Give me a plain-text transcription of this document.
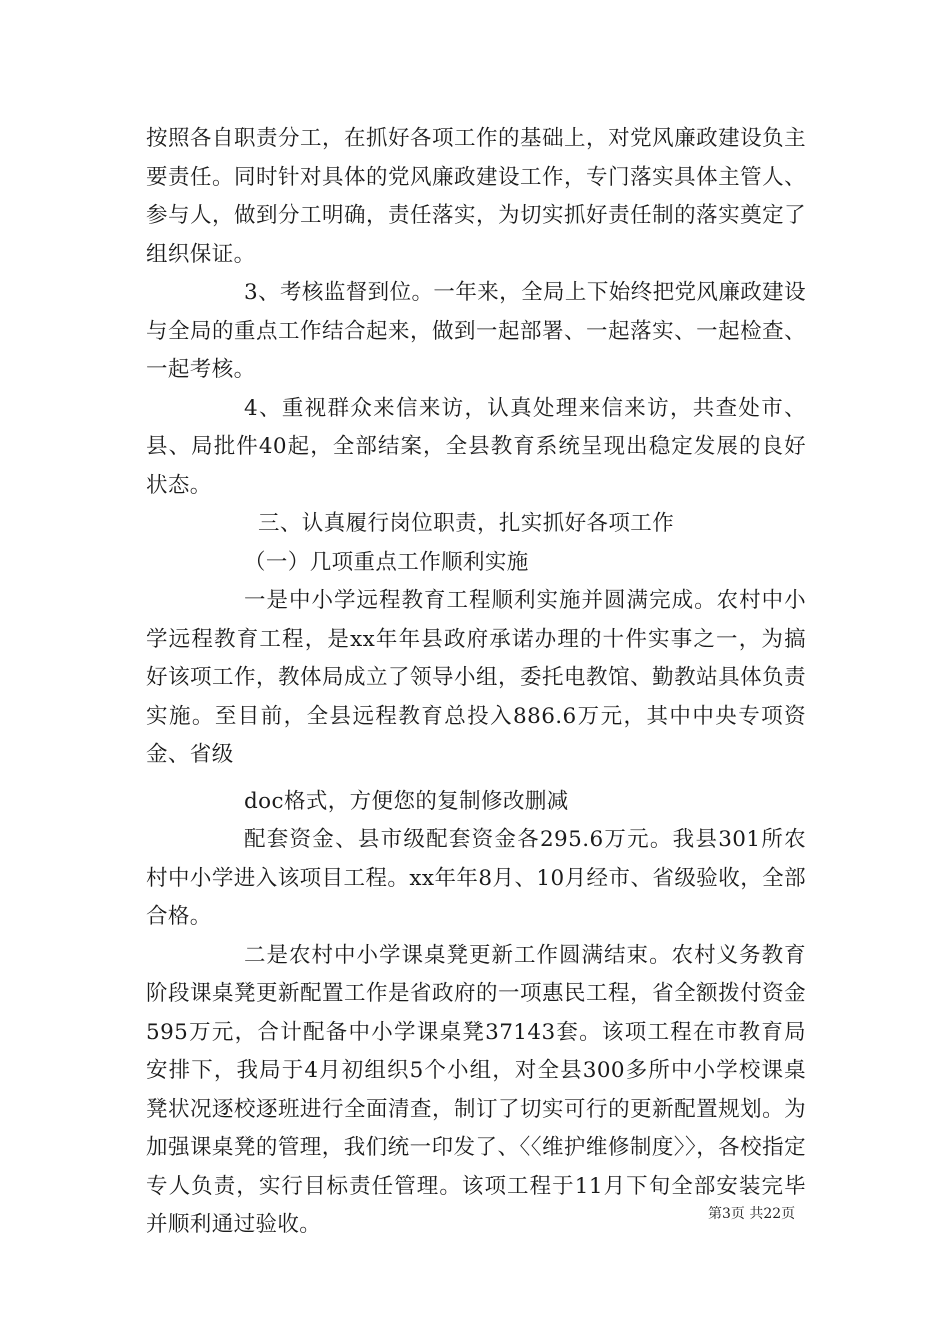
按照各自职责分工，在抓好各项工作的基础上，对党风廉政建设负主要责任。同时针对具体的党风廉政建设工作，专门落实具体主管人、参与人，做到分工明确，责任落实，为切实抓好责任制的落实奠定了组织保证。

3、考核监督到位。一年来，全局上下始终把党风廉政建设与全局的重点工作结合起来，做到一起部署、一起落实、一起检查、一起考核。

4、重视群众来信来访，认真处理来信来访，共查处市、县、局批件40起，全部结案，全县教育系统呈现出稳定发展的良好状态。

三、认真履行岗位职责，扎实抓好各项工作

（一）几项重点工作顺利实施

一是中小学远程教育工程顺利实施并圆满完成。农村中小学远程教育工程，是xx年年县政府承诺办理的十件实事之一，为搞好该项工作，教体局成立了领导小组，委托电教馆、勤教站具体负责实施。至目前，全县远程教育总投入886.6万元，其中中央专项资金、省级

doc格式，方便您的复制修改删减

配套资金、县市级配套资金各295.6万元。我县301所农村中小学进入该项目工程。xx年年8月、10月经市、省级验收，全部合格。

二是农村中小学课桌凳更新工作圆满结束。农村义务教育阶段课桌凳更新配置工作是省政府的一项惠民工程，省全额拨付资金595万元，合计配备中小学课桌凳37143套。该项工程在市教育局安排下，我局于4月初组织5个小组，对全县300多所中小学校课桌凳状况逐校逐班进行全面清查，制订了切实可行的更新配置规划。为加强课桌凳的管理，我们统一印发了、〈〈维护维修制度〉〉，各校指定专人负责，实行目标责任管理。该项工程于11月下旬全部安装完毕并顺利通过验收。	第3页 共22页
